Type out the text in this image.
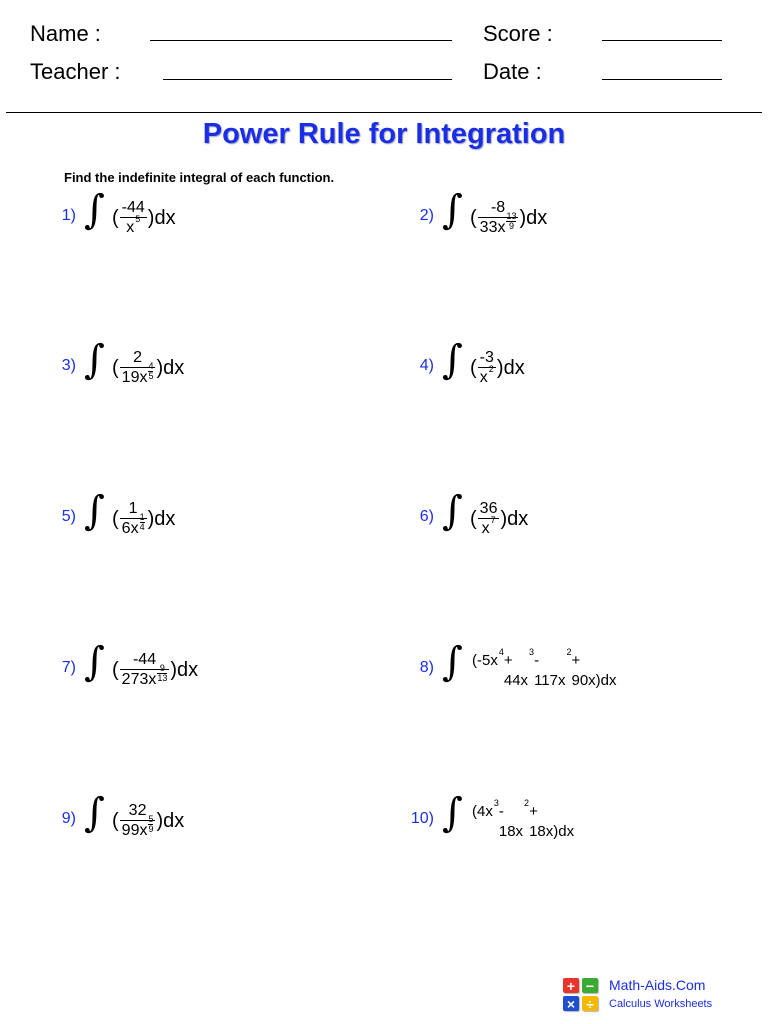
Name :	Score :
Teacher :	Date :
Power Rule for Integration
Find the indefinite integral of each function.
1) ∫ ( $\frac{-44}{x 5} )dx$	2) ∫ ( -8
33x
13
9 )dx
3) ∫ ( 2
19x
4
5 )dx	4) ∫ ( $\frac{-3}{x 2} )dx$
5) ∫ ( 1
6x
1
4 )dx	6) ∫ ( $\frac{36}{x 7} )dx$
7) ∫ ( -44
273x
9
13 )dx	8) ∫ (-5x 4 + 44x
3 - 117x
2 + 90x)dx
9) ∫ ( 32
99x
5
9 )dx	10) ∫ (4x 3 - 18x
2 + 18x)dx
+ −
× ÷
Math-Aids.Com
Calculus Worksheets
